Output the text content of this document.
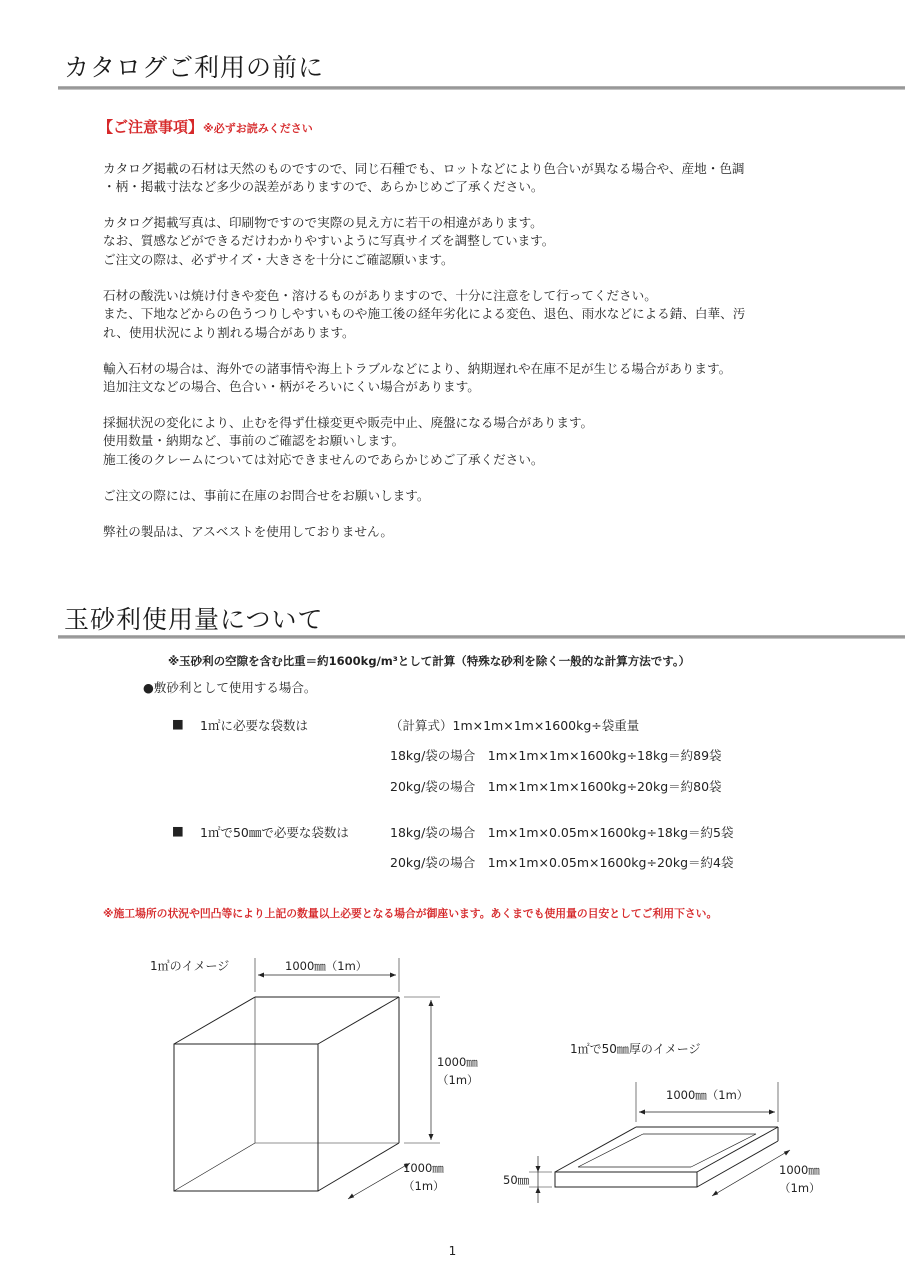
カタログご利用の前に
【ご注意事項】※必ずお読みください

カタログ掲載の石材は天然のものですので、同じ石種でも、ロットなどにより色合いが異なる場合や、産地・色調
・柄・掲載寸法など多少の誤差がありますので、あらかじめご了承ください。

カタログ掲載写真は、印刷物ですので実際の見え方に若干の相違があります。
なお、質感などができるだけわかりやすいように写真サイズを調整しています。
ご注文の際は、必ずサイズ・大きさを十分にご確認願います。

石材の酸洗いは焼け付きや変色・溶けるものがありますので、十分に注意をして行ってください。
また、下地などからの色うつりしやすいものや施工後の経年劣化による変色、退色、雨水などによる錆、白華、汚
れ、使用状況により割れる場合があります。

輸入石材の場合は、海外での諸事情や海上トラブルなどにより、納期遅れや在庫不足が生じる場合があります。
追加注文などの場合、色合い・柄がそろいにくい場合があります。

採掘状況の変化により、止むを得ず仕様変更や販売中止、廃盤になる場合があります。
使用数量・納期など、事前のご確認をお願いします。
施工後のクレームについては対応できませんのであらかじめご了承ください。

ご注文の際には、事前に在庫のお問合せをお願いします。

弊社の製品は、アスベストを使用しておりません。

玉砂利使用量について
※玉砂利の空隙を含む比重＝約1600kg/m³として計算（特殊な砂利を除く一般的な計算方法です。）
●敷砂利として使用する場合。
■ 1㎡に必要な袋数は	（計算式）1m×1m×1m×1600kg÷袋重量
18kg/袋の場合　1m×1m×1m×1600kg÷18kg＝約89袋
20kg/袋の場合　1m×1m×1m×1600kg÷20kg＝約80袋
■ 1㎡で50㎜で必要な袋数は	18kg/袋の場合　1m×1m×0.05m×1600kg÷18kg＝約5袋
20kg/袋の場合　1m×1m×0.05m×1600kg÷20kg＝約4袋
※施工場所の状況や凹凸等により上記の数量以上必要となる場合が御座います。あくまでも使用量の目安としてご利用下さい。
1㎥のイメージ	1000㎜（1m）
1000㎜
（1m）
1000㎜
（1m）
1㎡で50㎜厚のイメージ
1000㎜（1m）
50㎜
1000㎜
（1m）
1
